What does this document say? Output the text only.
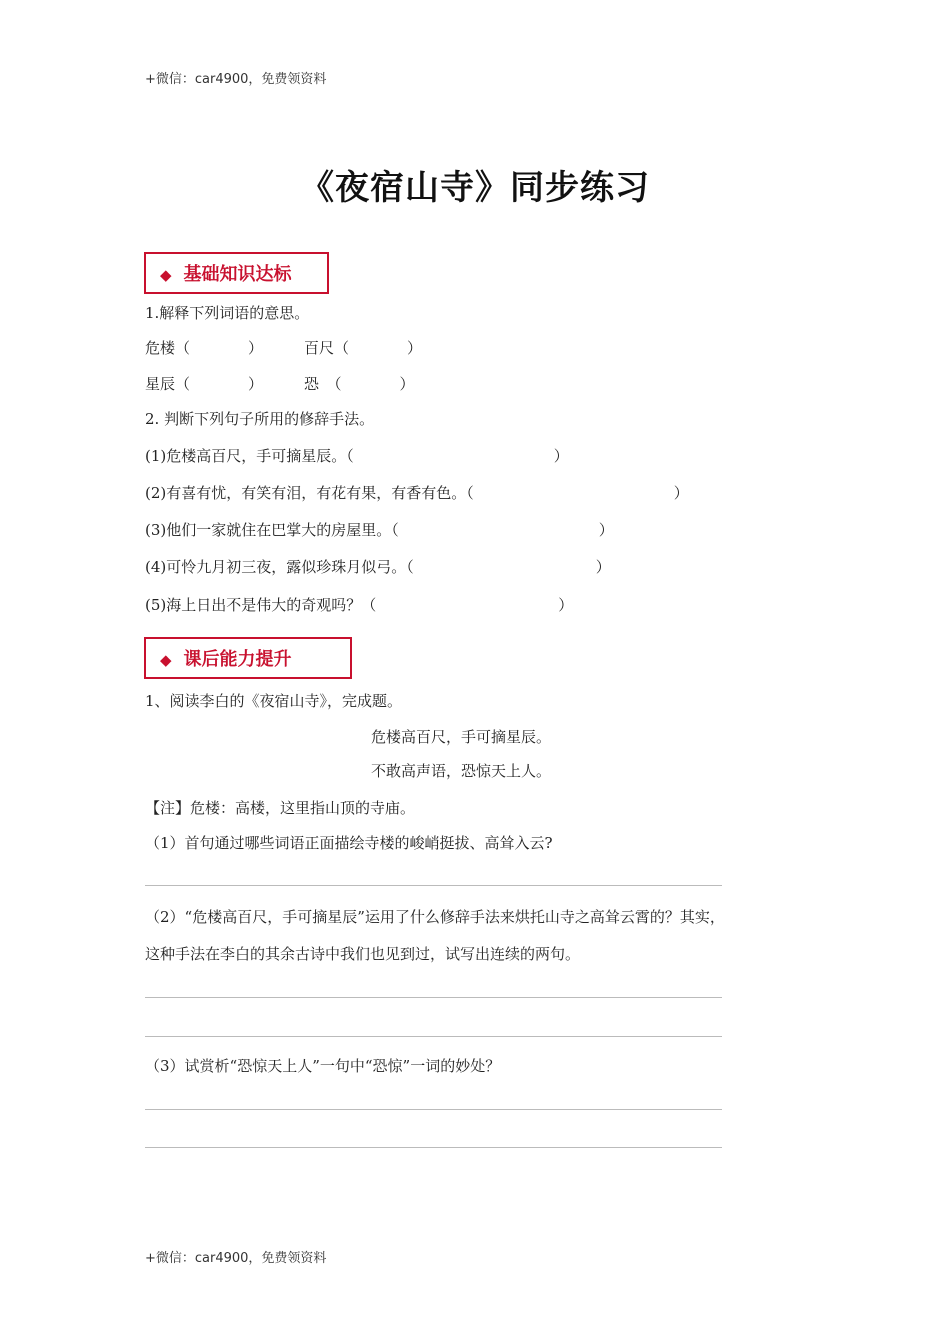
+微信：car4900，免费领资料
《夜宿山寺》同步练习
◆ 基础知识达标
1.解释下列词语的意思。
危楼（	）	百尺（	）
星辰（	）	恐　（	）
2. 判断下列句子所用的修辞手法。
(1)危楼高百尺，手可摘星辰。（	）
(2)有喜有忧，有笑有泪，有花有果，有香有色。（	）
(3)他们一家就住在巴掌大的房屋里。（	）
(4)可怜九月初三夜，露似珍珠月似弓。（	）
(5)海上日出不是伟大的奇观吗？（	）
◆ 课后能力提升
1、阅读李白的《夜宿山寺》，完成题。
危楼高百尺，手可摘星辰。
不敢高声语，恐惊天上人。
【注】危楼：高楼，这里指山顶的寺庙。
（1）首句通过哪些词语正面描绘寺楼的峻峭挺拔、高耸入云?
（2）“危楼高百尺，手可摘星辰”运用了什么修辞手法来烘托山寺之高耸云霄的？其实，
这种手法在李白的其余古诗中我们也见到过，试写出连续的两句。
（3）试赏析“恐惊天上人”一句中“恐惊”一词的妙处？
+微信：car4900，免费领资料
